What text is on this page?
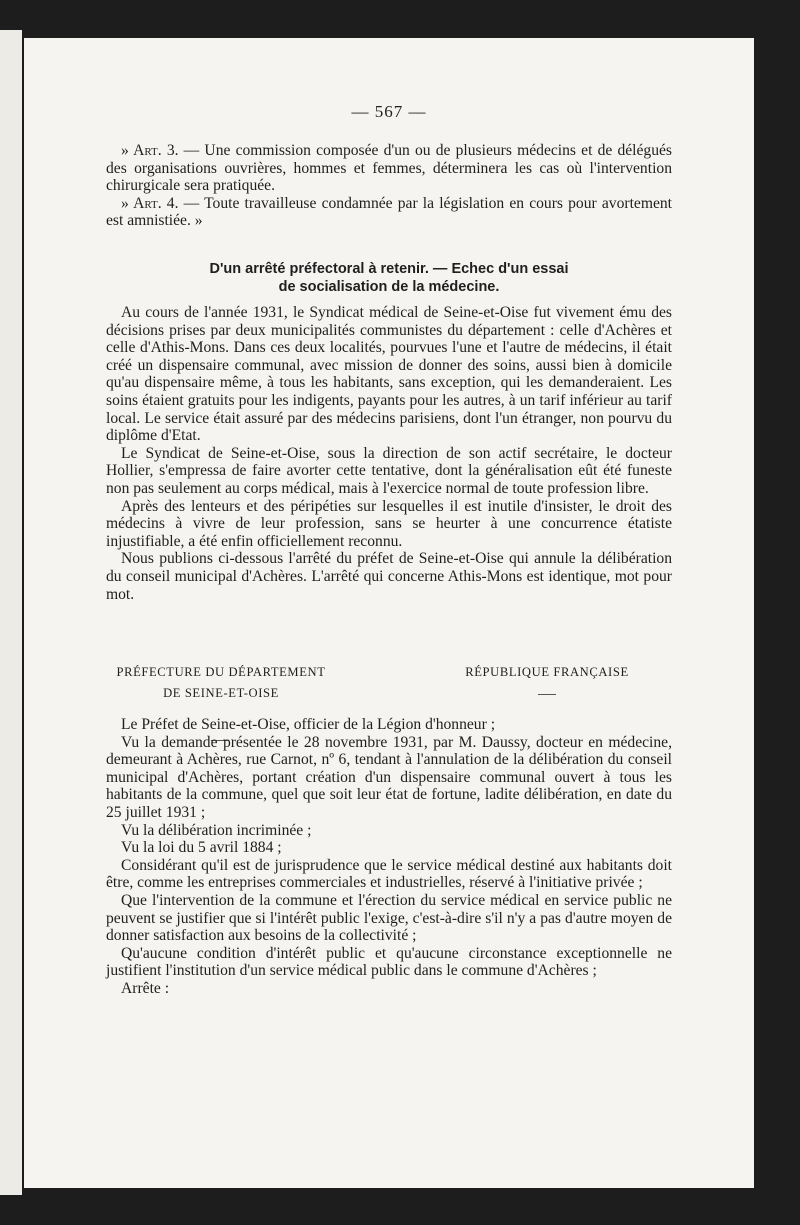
— 567 —

» Art. 3. — Une commission composée d'un ou de plusieurs médecins et de délégués des organisations ouvrières, hommes et femmes, déterminera les cas où l'intervention chirurgicale sera pratiquée.

» Art. 4. — Toute travailleuse condamnée par la législation en cours pour avortement est amnistiée. »

D'un arrêté préfectoral à retenir. — Echec d'un essai
de socialisation de la médecine.

Au cours de l'année 1931, le Syndicat médical de Seine-et-Oise fut vivement ému des décisions prises par deux municipalités communistes du département : celle d'Achères et celle d'Athis-Mons. Dans ces deux localités, pourvues l'une et l'autre de médecins, il était créé un dispensaire communal, avec mission de donner des soins, aussi bien à domicile qu'au dispensaire même, à tous les habitants, sans exception, qui les demanderaient. Les soins étaient gratuits pour les indigents, payants pour les autres, à un tarif inférieur au tarif local. Le service était assuré par des médecins parisiens, dont l'un étranger, non pourvu du diplôme d'Etat.

Le Syndicat de Seine-et-Oise, sous la direction de son actif secrétaire, le docteur Hollier, s'empressa de faire avorter cette tentative, dont la généralisation eût été funeste non pas seulement au corps médical, mais à l'exercice normal de toute profession libre.

Après des lenteurs et des péripéties sur lesquelles il est inutile d'insister, le droit des médecins à vivre de leur profession, sans se heurter à une concurrence étatiste injustifiable, a été enfin officiellement reconnu.

Nous publions ci-dessous l'arrêté du préfet de Seine-et-Oise qui annule la délibération du conseil municipal d'Achères. L'arrêté qui concerne Athis-Mons est identique, mot pour mot.

PRÉFECTURE DU DÉPARTEMENT
DE SEINE-ET-OISE
RÉPUBLIQUE FRANÇAISE

Le Préfet de Seine-et-Oise, officier de la Légion d'honneur ;

Vu la demande présentée le 28 novembre 1931, par M. Daussy, docteur en médecine, demeurant à Achères, rue Carnot, nº 6, tendant à l'annulation de la délibération du conseil municipal d'Achères, portant création d'un dispensaire communal ouvert à tous les habitants de la commune, quel que soit leur état de fortune, ladite délibération, en date du 25 juillet 1931 ;

Vu la délibération incriminée ;

Vu la loi du 5 avril 1884 ;

Considérant qu'il est de jurisprudence que le service médical destiné aux habitants doit être, comme les entreprises commerciales et industrielles, réservé à l'initiative privée ;

Que l'intervention de la commune et l'érection du service médical en service public ne peuvent se justifier que si l'intérêt public l'exige, c'est-à-dire s'il n'y a pas d'autre moyen de donner satisfaction aux besoins de la collectivité ;

Qu'aucune condition d'intérêt public et qu'aucune circonstance exceptionnelle ne justifient l'institution d'un service médical public dans le commune d'Achères ;

Arrête :
